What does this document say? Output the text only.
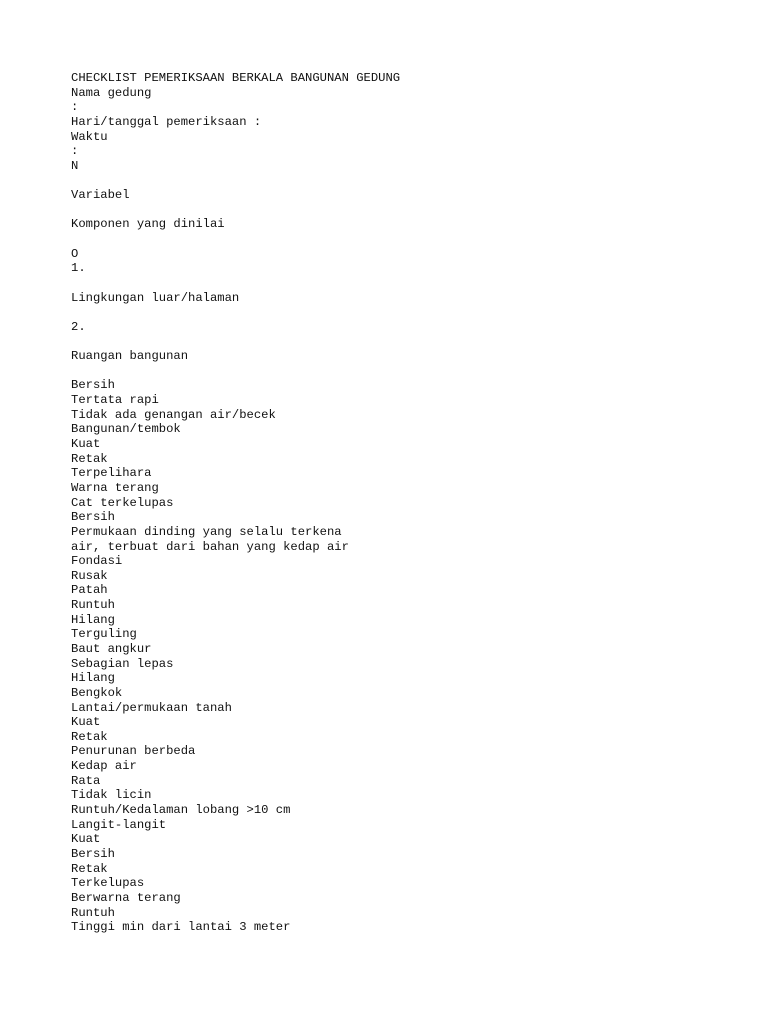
CHECKLIST PEMERIKSAAN BERKALA BANGUNAN GEDUNG
Nama gedung
:
Hari/tanggal pemeriksaan :
Waktu
:
N
Variabel
Komponen yang dinilai
O
1.
Lingkungan luar/halaman
2.
Ruangan bangunan
Bersih
Tertata rapi
Tidak ada genangan air/becek
Bangunan/tembok
Kuat
Retak
Terpelihara
Warna terang
Cat terkelupas
Bersih
Permukaan dinding yang selalu terkena
air, terbuat dari bahan yang kedap air
Fondasi
Rusak
Patah
Runtuh
Hilang
Terguling
Baut angkur
Sebagian lepas
Hilang
Bengkok
Lantai/permukaan tanah
Kuat
Retak
Penurunan berbeda
Kedap air
Rata
Tidak licin
Runtuh/Kedalaman lobang >10 cm
Langit-langit
Kuat
Bersih
Retak
Terkelupas
Berwarna terang
Runtuh
Tinggi min dari lantai 3 meter
